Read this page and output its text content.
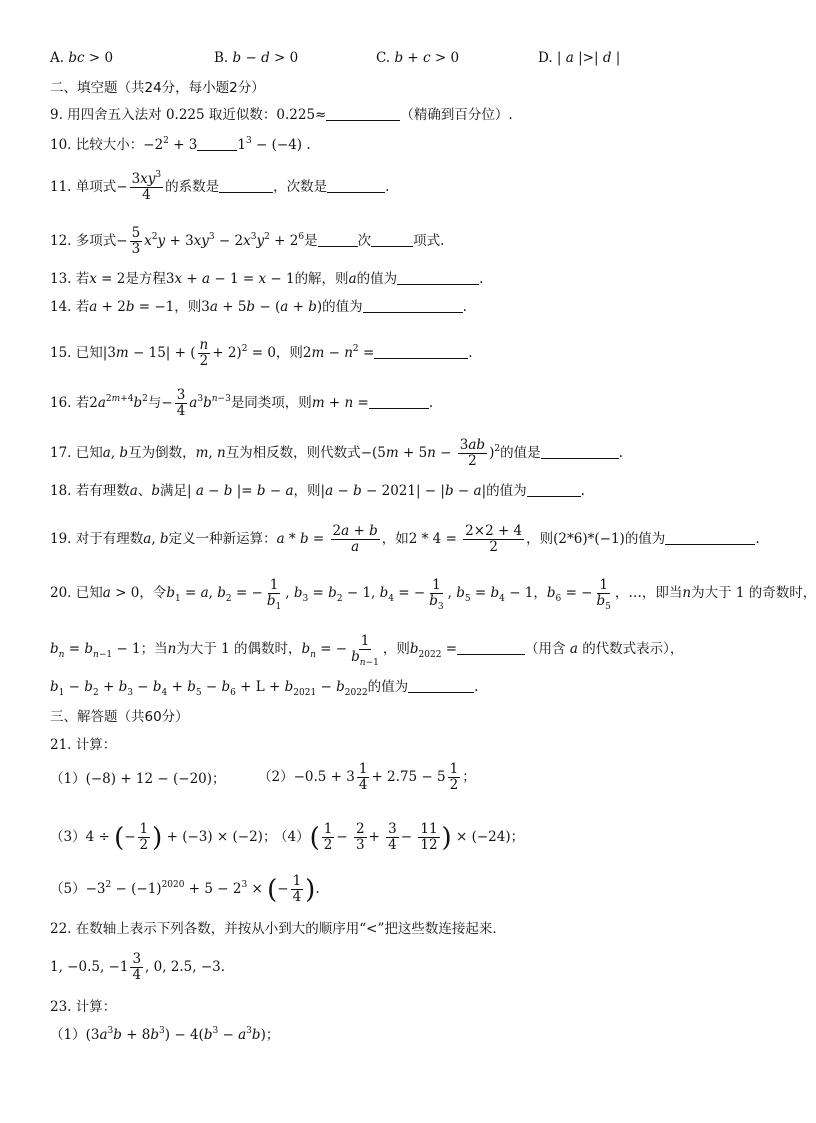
A. bc > 0	B. b − d > 0	C. b + c > 0	D. | a |>| d |
二、填空题（共24分，每小题2分）
9. 用四舍五入法对 0.225 取近似数：0.225≈	（精确到百分位）.
10. 比较大小：$-2^2 + 3$	$1^3 - (-4)$ .
11. 单项式− $\frac{3xy^3}{4}$ 的系数是	，次数是	.
12. 多项式− $\frac{5}{3} x^2y + 3xy^3 - 2x^3y^2 + 2^6$是	次	项式.
13. 若x = 2是方程3x + a − 1 = x − 1的解，则a的值为	.
14. 若a + 2b = −1，则3a + 5b − (a + b)的值为	.
15. 已知|3m − 15| + ( $\frac{n}{2} + 2)^2 = 0$，则$2m - n^2$ =	.
16. 若$2a^{2m+4}b^2$与− $\frac{3}{4} a^3b^{n-3}$是同类项，则m + n =	.
17. 已知a, b互为倒数，m, n互为相反数，则代数式$-(5m + 5n - \frac{3ab}{2} )^2$的值是	.
18. 若有理数a、b满足| a − b |= b − a，则|a − b − 2021| − |b − a|的值为	.
19. 对于有理数a, b定义一种新运算：$a * b = \frac{2a + b}{a}$ ，如$2 * 4 = \frac{2\times 2 + 4}{2}$ ，则(2*6)*(−1)的值为	.
20. 已知a > 0，令$b_1 = a$, $b_2$ = − $\frac{1}{b_1}$ , $b_3 = b_2 - 1$, $b_4$ = − $\frac{1}{b_3}$ , $b_5 = b_4 - 1$，$b_6$ = − $\frac{1}{b_5}$ ，…，即当n为大于 1 的奇数时，
$b_n = b_{n-1} - 1$；当n为大于 1 的偶数时，$b_n$ = − $\frac{1}{b_{n-1}}$ ，则$b_{2022}$ =	（用含 a 的代数式表示），
$b_1 - b_2 + b_3 - b_4 + b_5 - b_6 + L + b_{2021} - b_{2022}$的值为	.
三、解答题（共60分）
21. 计算：
（1）(−8) + 12 − (−20)； $(2)-0.5 + 3 \frac{1}{4} + 2.75 - 5 \frac{1}{2}$ ；
（3）4 ÷ (− $\frac{1}{2}$ ) + (−3) × (−2)；
$(4)( \frac{1}{2} - \frac{2}{3} + \frac{3}{4} - \frac{11}{12}$ ) × (−24)；
$(5)-3^2 - (-1)^{2020} + 5 - 2^3$ × (− $\frac{1}{4}$ ).
22. 在数轴上表示下列各数，并按从小到大的顺序用“<”把这些数连接起来．
1, −0.5, $-1 \frac{3}{4}$ , 0, 2.5, −3.
23. 计算：
$(1)(3a^3b + 8b^3) - 4(b^3 - a^3b)$；
